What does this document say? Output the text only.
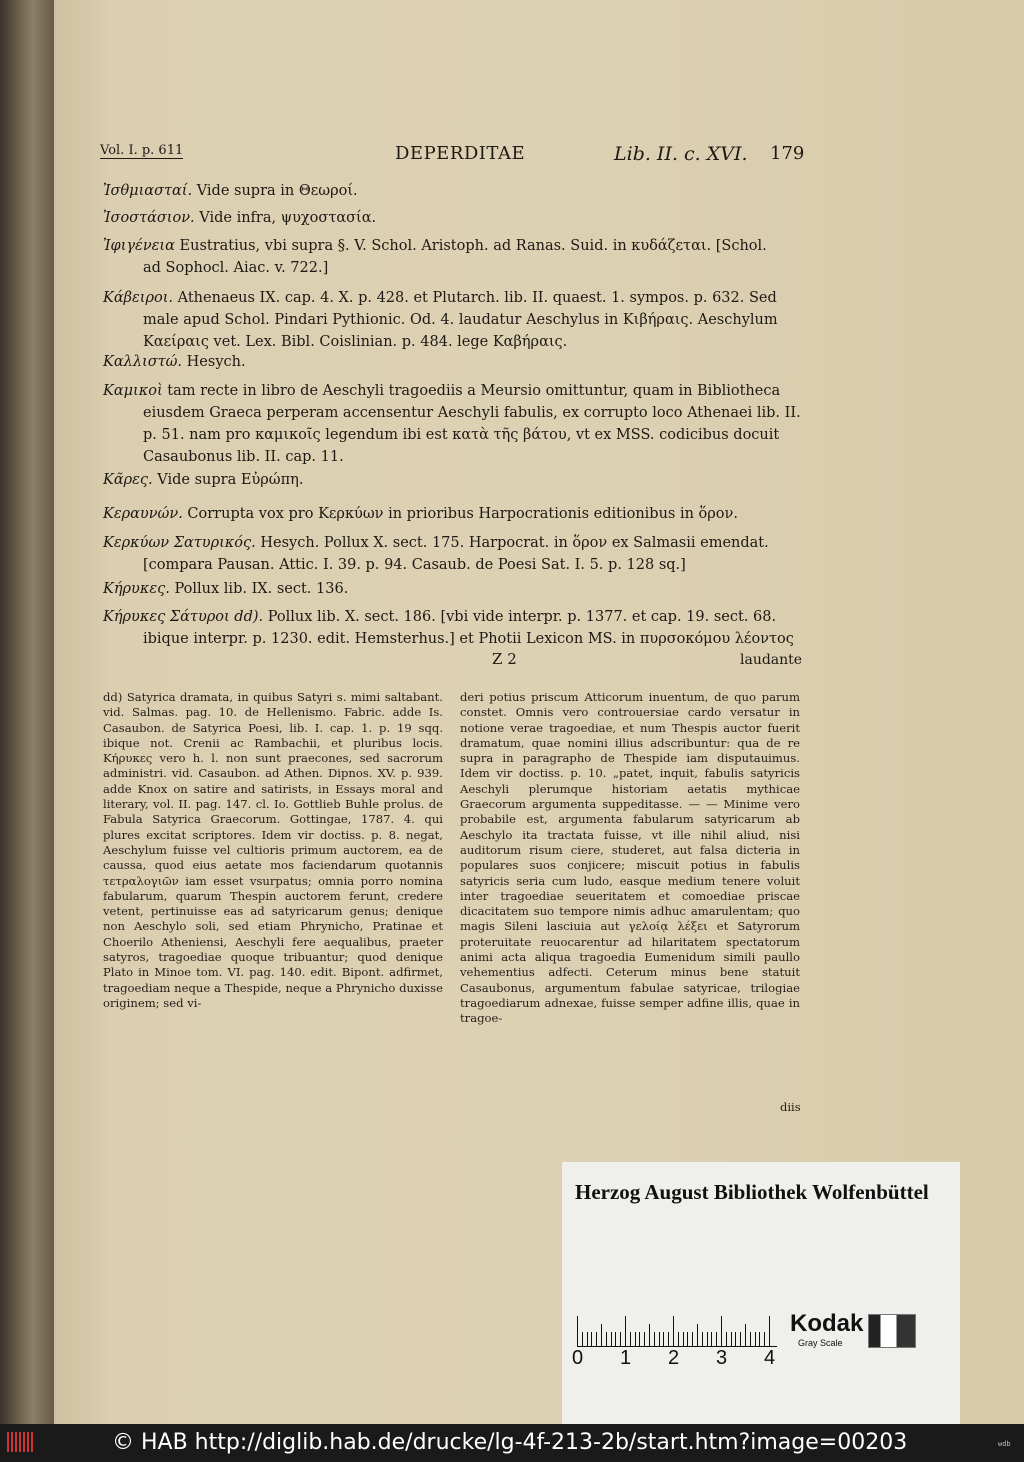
Vol. I. p. 611	DEPERDITAE	Lib. II. c. XVI. 179
Ἰσθμιασταί. Vide supra in Θεωροί.
Ἰσοστάσιον. Vide infra, ψυχοστασία.
Ἰφιγένεια Eustratius, vbi supra §. V. Schol. Aristoph. ad Ranas. Suid. in κυδάζεται. [Schol.
ad Sophocl. Aiac. v. 722.]
Κάβειροι. Athenaeus IX. cap. 4. X. p. 428. et Plutarch. lib. II. quaest. 1. sympos. p. 632. Sed
male apud Schol. Pindari Pythionic. Od. 4. laudatur Aeschylus in Κιβήραις. Aeschylum Καείραις vet. Lex. Bibl. Coislinian. p. 484. lege Καβήραις.
Καλλιστώ. Hesych.
Καμικοὶ tam recte in libro de Aeschyli tragoediis a Meursio omittuntur, quam in Bibliotheca
eiusdem Graeca perperam accensentur Aeschyli fabulis, ex corrupto loco Athenaei lib. II. p. 51. nam pro καμικοῖς legendum ibi est κατὰ τῆς βάτου, vt ex MSS. codicibus docuit Casaubonus lib. II. cap. 11.
Κᾶρες. Vide supra Εὐρώπη.
Κεραυνών. Corrupta vox pro Κερκύων in prioribus Harpocrationis editionibus in ὅρον.
Κερκύων Σατυρικός. Hesych. Pollux X. sect. 175. Harpocrat. in ὅρον ex Salmasii emendat.
[compara Pausan. Attic. I. 39. p. 94. Casaub. de Poesi Sat. I. 5. p. 128 sq.]
Κήρυκες. Pollux lib. IX. sect. 136.
Κήρυκες Σάτυροι dd). Pollux lib. X. sect. 186. [vbi vide interpr. p. 1377. et cap. 19. sect. 68.
ibique interpr. p. 1230. edit. Hemsterhus.] et Photii Lexicon MS. in πυρσοκόμου λέοντος
Z 2	laudante
dd) Satyrica dramata, in quibus Satyri s. mimi saltabant. vid. Salmas. pag. 10. de Hellenismo. Fabric. adde Is. Casaubon. de Satyrica Poesi, lib. I. cap. 1. p. 19 sqq. ibique not. Crenii ac Rambachii, et pluribus locis. Κήρυκες vero h. l. non sunt praecones, sed sacrorum administri. vid. Casaubon. ad Athen. Dipnos. XV. p. 939. adde Knox on satire and satirists, in Essays moral and literary, vol. II. pag. 147. cl. Io. Gottlieb Buhle prolus. de Fabula Satyrica Graecorum. Gottingae, 1787. 4. qui plures excitat scriptores. Idem vir doctiss. p. 8. negat, Aeschylum fuisse vel cultioris primum auctorem, ea de caussa, quod eius aetate mos faciendarum quotannis τετραλογιῶν iam esset vsurpatus; omnia porro nomina fabularum, quarum Thespin auctorem ferunt, credere vetent, pertinuisse eas ad satyricarum genus; denique non Aeschylo soli, sed etiam Phrynicho, Pratinae et Choerilo Atheniensi, Aeschyli fere aequalibus, praeter satyros, tragoediae quoque tribuantur; quod denique Plato in Minoe tom. VI. pag. 140. edit. Bipont. adfirmet, tragoediam neque a Thespide, neque a Phrynicho duxisse originem; sed vi-
deri potius priscum Atticorum inuentum, de quo parum constet. Omnis vero controuersiae cardo versatur in notione verae tragoediae, et num Thespis auctor fuerit dramatum, quae nomini illius adscribuntur: qua de re supra in paragrapho de Thespide iam disputauimus. Idem vir doctiss. p. 10. „patet, inquit, fabulis satyricis Aeschyli plerumque historiam aetatis mythicae Graecorum argumenta suppeditasse. — — Minime vero probabile est, argumenta fabularum satyricarum ab Aeschylo ita tractata fuisse, vt ille nihil aliud, nisi auditorum risum ciere, studeret, aut falsa dicteria in populares suos conjicere; miscuit potius in fabulis satyricis seria cum ludo, easque medium tenere voluit inter tragoediae seueritatem et comoediae priscae dicacitatem suo tempore nimis adhuc amarulentam; quo magis Sileni lasciuia aut γελοίᾳ λέξει et Satyrorum proteruitate reuocarentur ad hilaritatem spectatorum animi acta aliqua tragoedia Eumenidum simili paullo vehementius adfecti. Ceterum minus bene statuit Casaubonus, argumentum fabulae satyricae, trilogiae tragoediarum adnexae, fuisse semper adfine illis, quae in tragoe-
diis
Herzog August Bibliothek Wolfenbüttel
0 1 2 3 4
Kodak
Gray Scale
© HAB http://diglib.hab.de/drucke/lg-4f-213-2b/start.htm?image=00203	wdb
